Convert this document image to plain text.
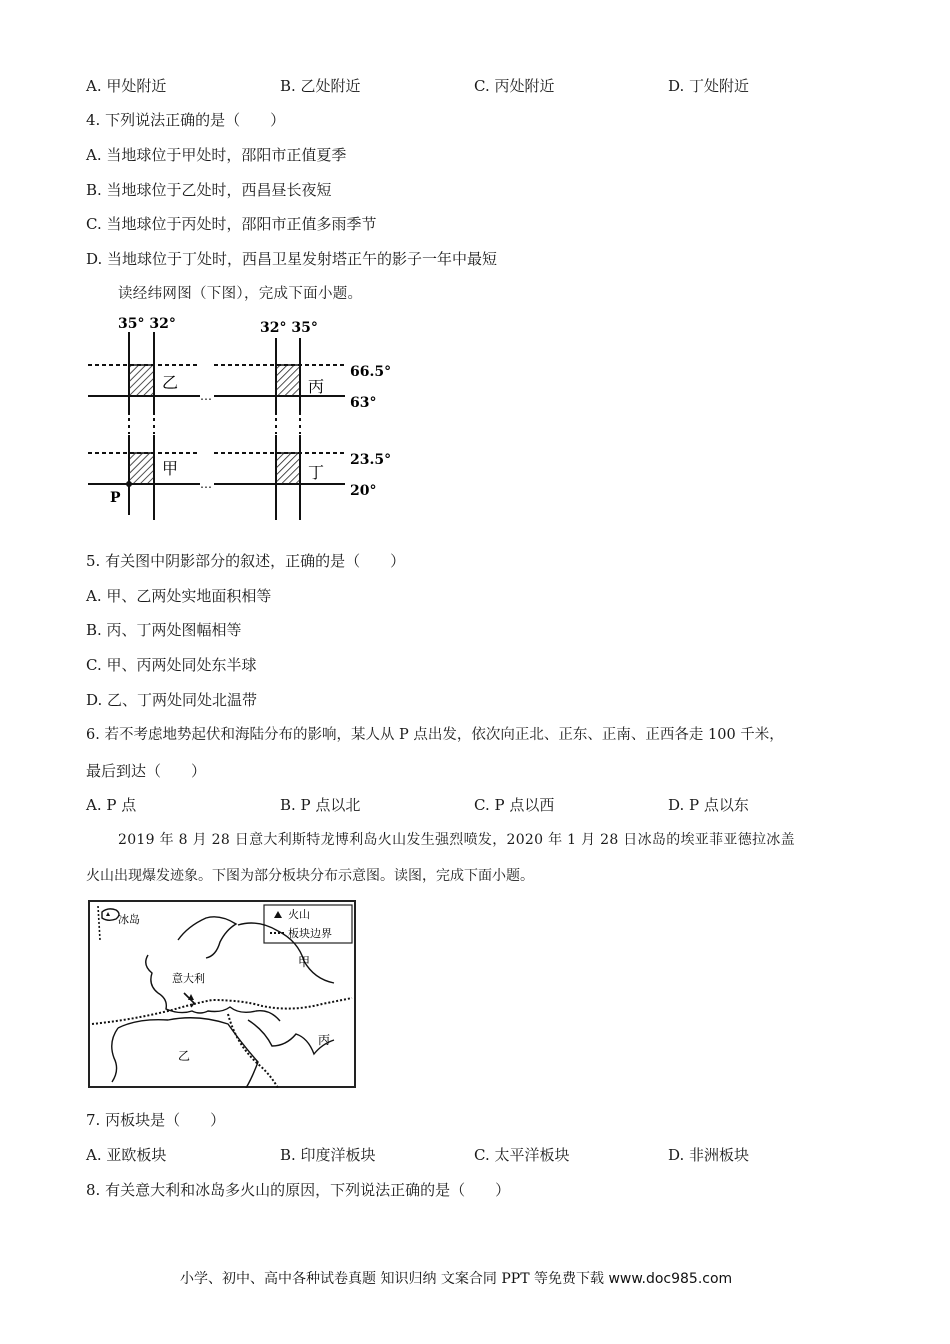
A. 甲处附近	B. 乙处附近	C. 丙处附近	D. 丁处附近
4. 下列说法正确的是（　　）
A. 当地球位于甲处时，邵阳市正值夏季
B. 当地球位于乙处时，西昌昼长夜短
C. 当地球位于丙处时，邵阳市正值多雨季节
D. 当地球位于丁处时，西昌卫星发射塔正午的影子一年中最短
读经纬网图（下图），完成下面小题。
35° 32°	32° 35°
…
…
乙	丙
甲	丁
66.5°
63°
23.5°
20°
P
5. 有关图中阴影部分的叙述，正确的是（　　）
A. 甲、乙两处实地面积相等
B. 丙、丁两处图幅相等
C. 甲、丙两处同处东半球
D. 乙、丁两处同处北温带
6. 若不考虑地势起伏和海陆分布的影响，某人从 P 点出发，依次向正北、正东、正南、正西各走 100 千米，
最后到达（　　）
A. P 点	B. P 点以北	C. P 点以西	D. P 点以东
2019 年 8 月 28 日意大利斯特龙博利岛火山发生强烈喷发，2020 年 1 月 28 日冰岛的埃亚菲亚德拉冰盖
火山出现爆发迹象。下图为部分板块分布示意图。读图，完成下面小题。
火山
板块边界
冰岛
意大利
甲
乙
丙
7. 丙板块是（　　）
A. 亚欧板块	B. 印度洋板块	C. 太平洋板块	D. 非洲板块
8. 有关意大利和冰岛多火山的原因，下列说法正确的是（　　）
小学、初中、高中各种试卷真题 知识归纳 文案合同 PPT 等免费下载 www.doc985.com
